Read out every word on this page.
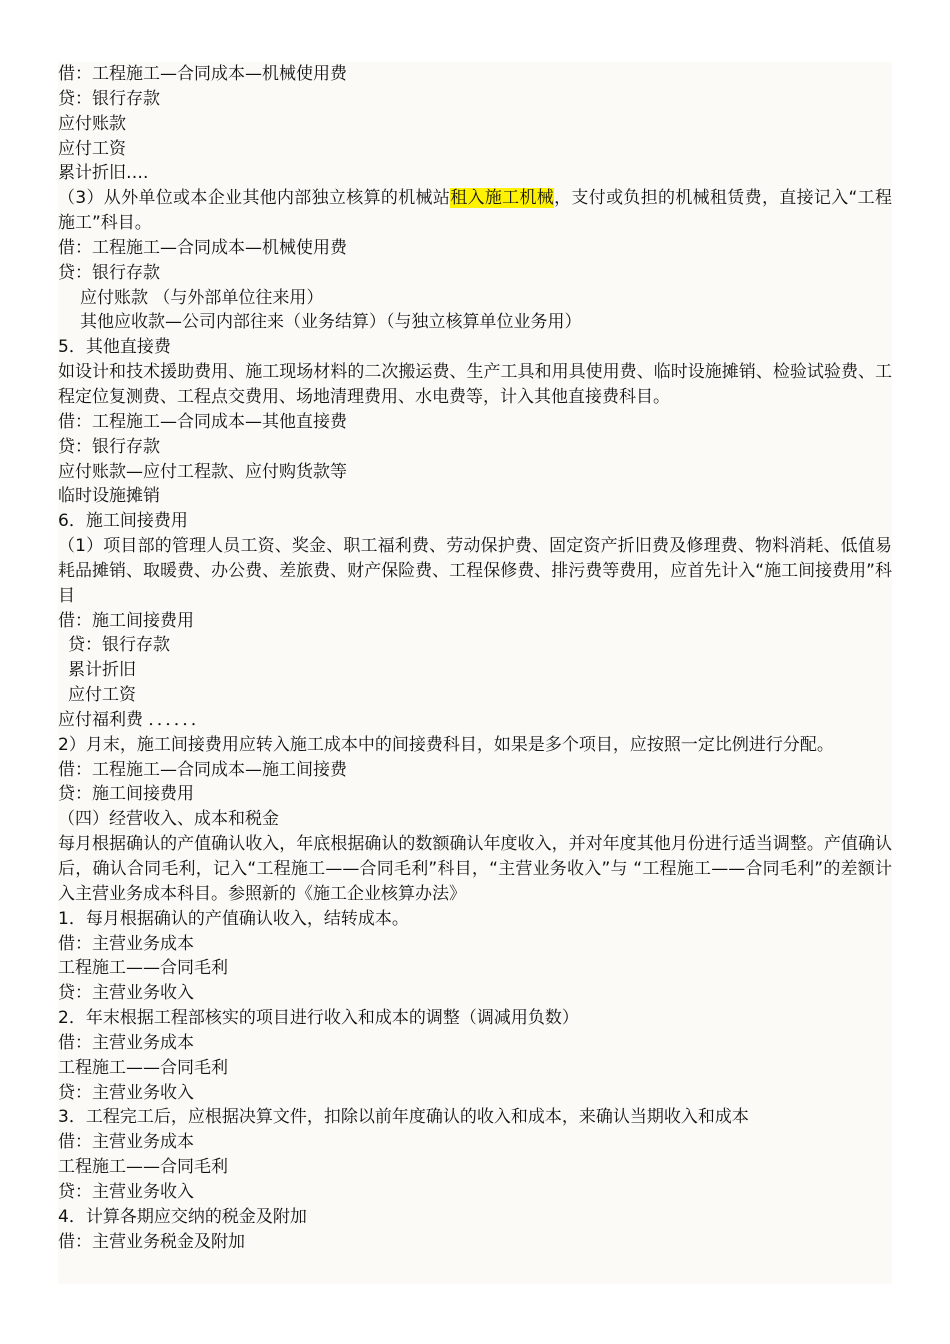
借：工程施工—合同成本—机械使用费
贷：银行存款
应付账款
应付工资
累计折旧….
（3）从外单位或本企业其他内部独立核算的机械站租入施工机械，支付或负担的机械租赁费，直接记入“工程施工”科目。
借：工程施工—合同成本—机械使用费
贷：银行存款
应付账款 （与外部单位往来用）
其他应收款—公司内部往来（业务结算）（与独立核算单位业务用）
5．其他直接费
如设计和技术援助费用、施工现场材料的二次搬运费、生产工具和用具使用费、临时设施摊销、检验试验费、工程定位复测费、工程点交费用、场地清理费用、水电费等，计入其他直接费科目。
借：工程施工—合同成本—其他直接费
贷：银行存款
应付账款—应付工程款、应付购货款等
临时设施摊销
6．施工间接费用
（1）项目部的管理人员工资、奖金、职工福利费、劳动保护费、固定资产折旧费及修理费、物料消耗、低值易耗品摊销、取暖费、办公费、差旅费、财产保险费、工程保修费、排污费等费用，应首先计入“施工间接费用”科目
借：施工间接费用
贷：银行存款
累计折旧
应付工资
应付福利费 ．．．．．．
2）月末，施工间接费用应转入施工成本中的间接费科目，如果是多个项目，应按照一定比例进行分配。
借：工程施工—合同成本—施工间接费
贷：施工间接费用
（四）经营收入、成本和税金
每月根据确认的产值确认收入，年底根据确认的数额确认年度收入，并对年度其他月份进行适当调整。产值确认后，确认合同毛利，记入“工程施工——合同毛利”科目，“主营业务收入”与 “工程施工——合同毛利”的差额计入主营业务成本科目。参照新的《施工企业核算办法》
1．每月根据确认的产值确认收入，结转成本。
借：主营业务成本
工程施工——合同毛利
贷：主营业务收入
2．年末根据工程部核实的项目进行收入和成本的调整（调减用负数）
借：主营业务成本
工程施工——合同毛利
贷：主营业务收入
3．工程完工后，应根据决算文件，扣除以前年度确认的收入和成本，来确认当期收入和成本
借：主营业务成本
工程施工——合同毛利
贷：主营业务收入
4．计算各期应交纳的税金及附加
借：主营业务税金及附加
